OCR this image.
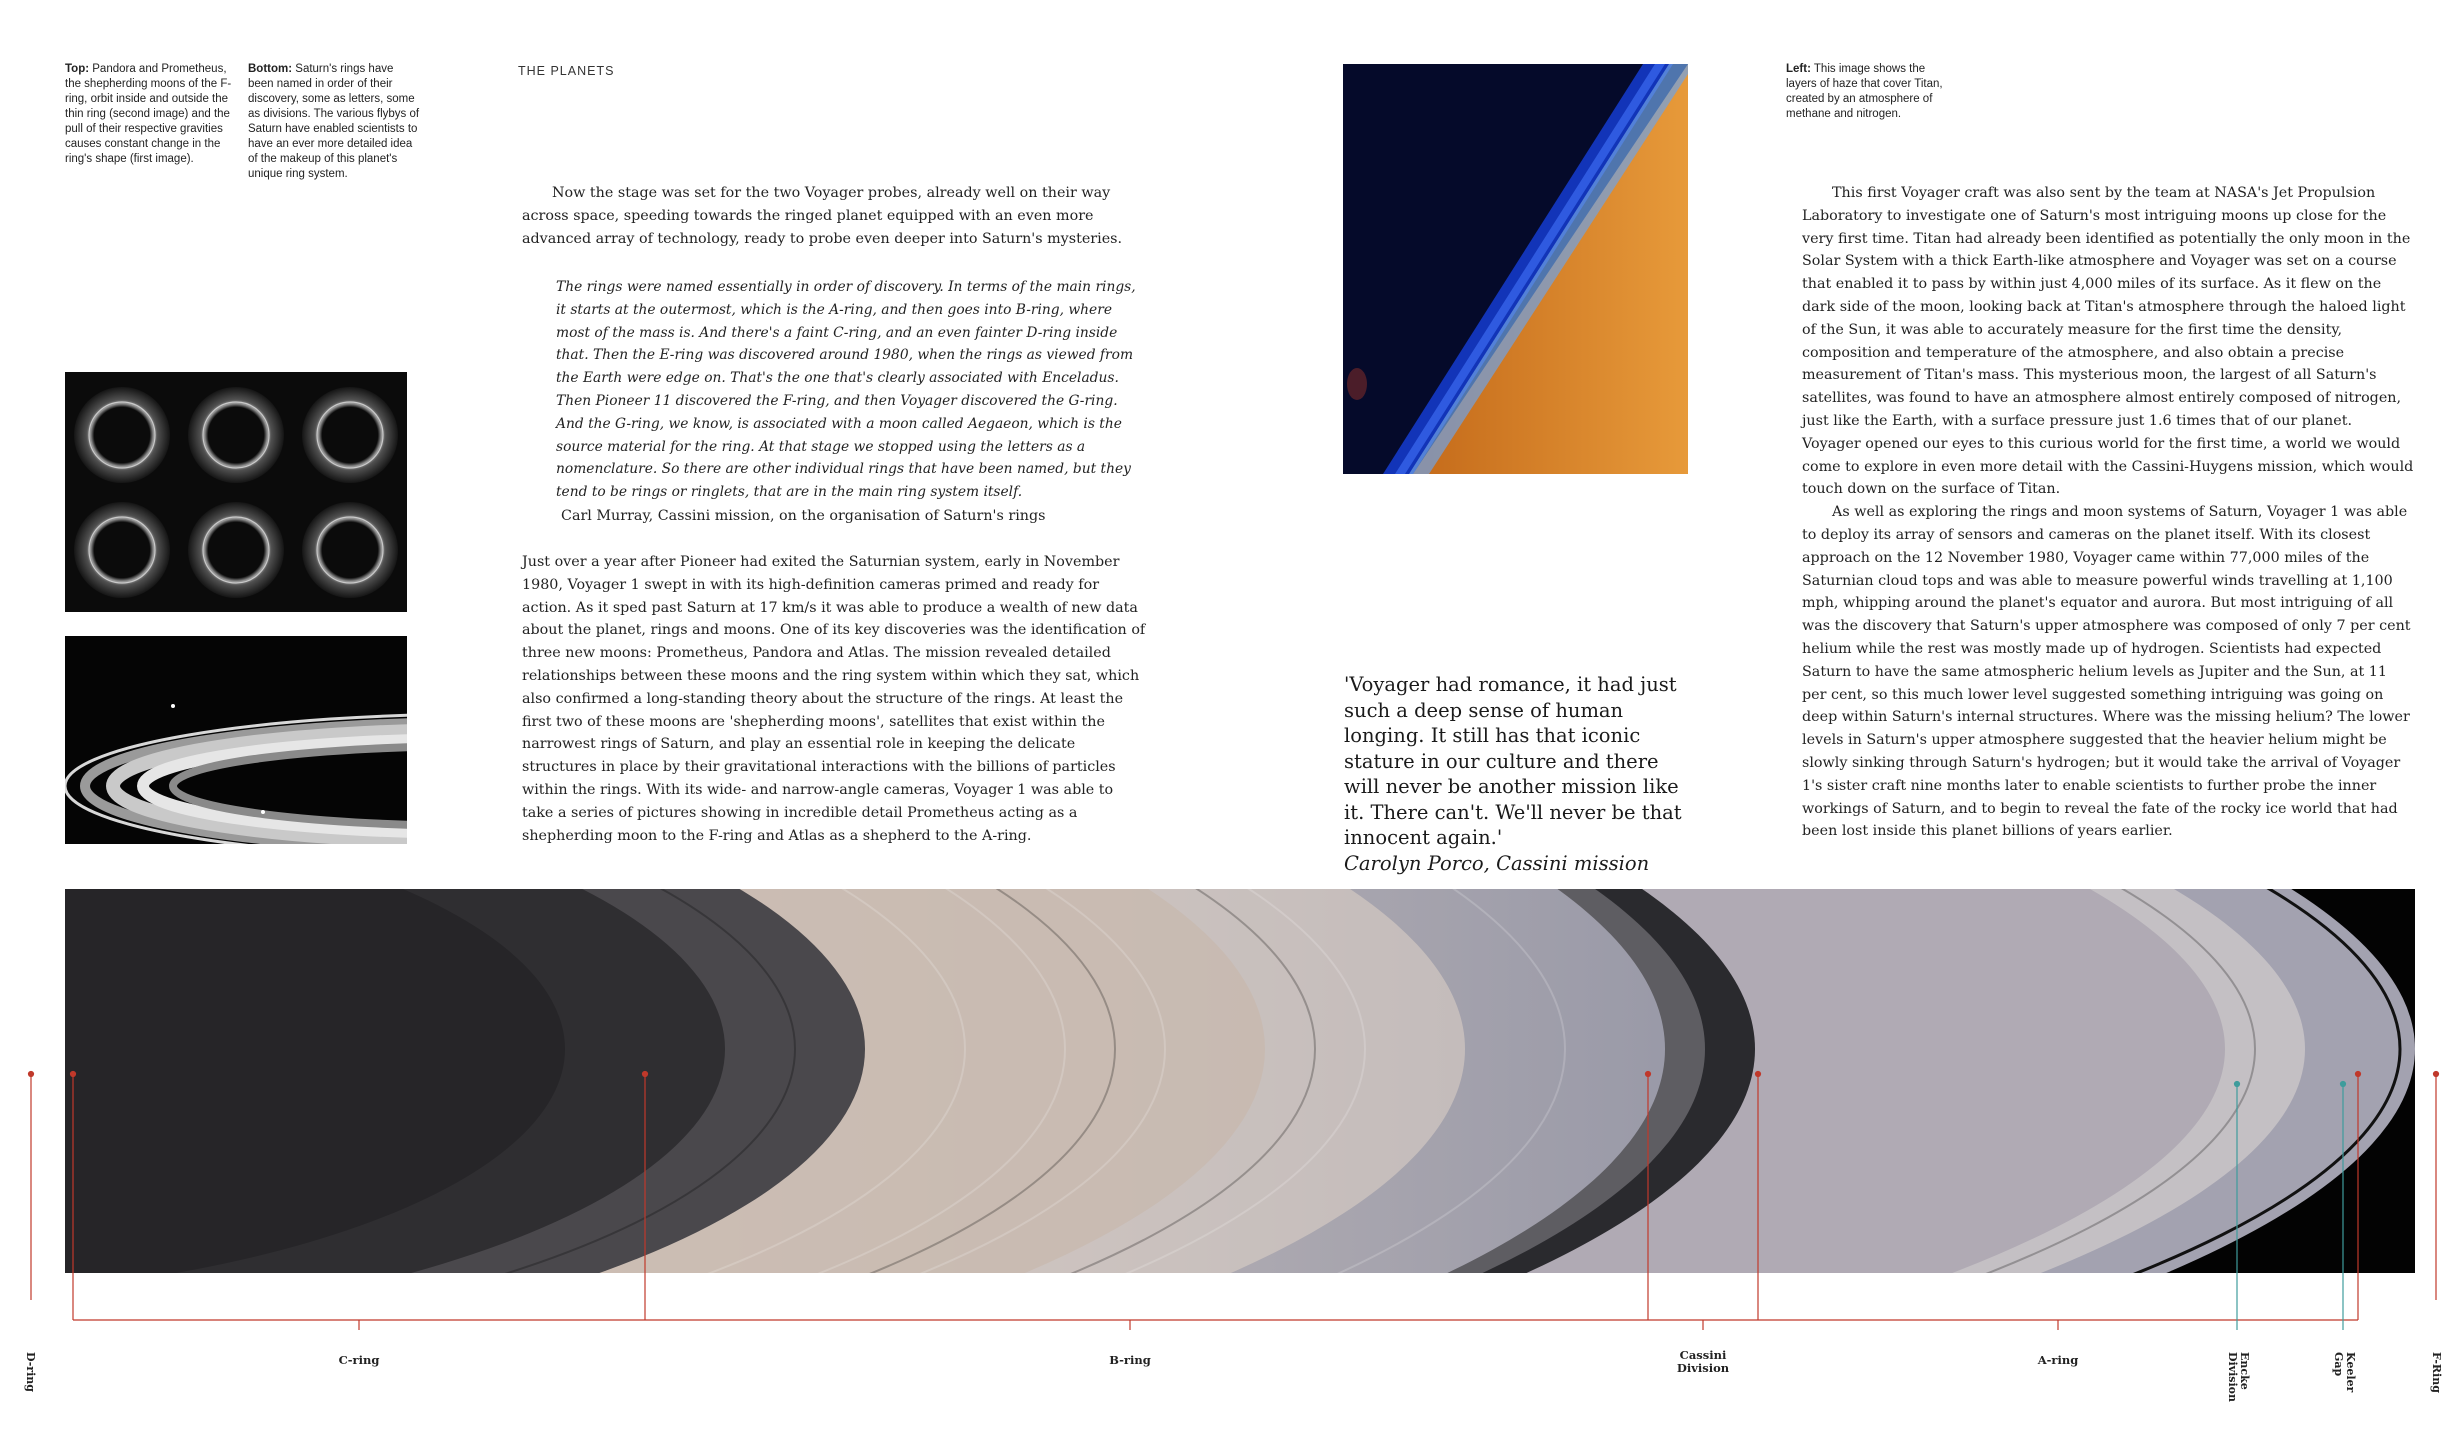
Top: Pandora and Prometheus, the shepherding moons of the F-ring, orbit inside and outside the thin ring (second image) and the pull of their respective gravities causes constant change in the ring's shape (first image).
Bottom: Saturn's rings have been named in order of their discovery, some as letters, some as divisions. The various flybys of Saturn have enabled scientists to have an ever more detailed idea of the makeup of this planet's unique ring system.
Left: This image shows the layers of haze that cover Titan, created by an atmosphere of methane and nitrogen.
THE PLANETS

Now the stage was set for the two Voyager probes, already well on their way across space, speeding towards the ringed planet equipped with an even more advanced array of technology, ready to probe even deeper into Saturn's mysteries.

The rings were named essentially in order of discovery. In terms of the main rings, it starts at the outermost, which is the A-ring, and then goes into B-ring, where most of the mass is. And there's a faint C-ring, and an even fainter D-ring inside that. Then the E-ring was discovered around 1980, when the rings as viewed from the Earth were edge on. That's the one that's clearly associated with Enceladus. Then Pioneer 11 discovered the F-ring, and then Voyager discovered the G-ring. And the G-ring, we know, is associated with a moon called Aegaeon, which is the source material for the ring. At that stage we stopped using the letters as a nomenclature. So there are other individual rings that have been named, but they tend to be rings or ringlets, that are in the main ring system itself.
Carl Murray, Cassini mission, on the organisation of Saturn's rings

Just over a year after Pioneer had exited the Saturnian system, early in November 1980, Voyager 1 swept in with its high-definition cameras primed and ready for action. As it sped past Saturn at 17 km/s it was able to produce a wealth of new data about the planet, rings and moons. One of its key discoveries was the identification of three new moons: Prometheus, Pandora and Atlas. The mission revealed detailed relationships between these moons and the ring system within which they sat, which also confirmed a long-standing theory about the structure of the rings. At least the first two of these moons are 'shepherding moons', satellites that exist within the narrowest rings of Saturn, and play an essential role in keeping the delicate structures in place by their gravitational interactions with the billions of particles within the rings. With its wide- and narrow-angle cameras, Voyager 1 was able to take a series of pictures showing in incredible detail Prometheus acting as a shepherding moon to the F-ring and Atlas as a shepherd to the A-ring.

'Voyager had romance, it had just such a deep sense of human longing. It still has that iconic stature in our culture and there will never be another mission like it. There can't. We'll never be that innocent again.'
Carolyn Porco, Cassini mission

This first Voyager craft was also sent by the team at NASA's Jet Propulsion Laboratory to investigate one of Saturn's most intriguing moons up close for the very first time. Titan had already been identified as potentially the only moon in the Solar System with a thick Earth-like atmosphere and Voyager was set on a course that enabled it to pass by within just 4,000 miles of its surface. As it flew on the dark side of the moon, looking back at Titan's atmosphere through the haloed light of the Sun, it was able to accurately measure for the first time the density, composition and temperature of the atmosphere, and also obtain a precise measurement of Titan's mass. This mysterious moon, the largest of all Saturn's satellites, was found to have an atmosphere almost entirely composed of nitrogen, just like the Earth, with a surface pressure just 1.6 times that of our planet. Voyager opened our eyes to this curious world for the first time, a world we would come to explore in even more detail with the Cassini-Huygens mission, which would touch down on the surface of Titan.

As well as exploring the rings and moon systems of Saturn, Voyager 1 was able to deploy its array of sensors and cameras on the planet itself. With its closest approach on the 12 November 1980, Voyager came within 77,000 miles of the Saturnian cloud tops and was able to measure powerful winds travelling at 1,100 mph, whipping around the planet's equator and aurora. But most intriguing of all was the discovery that Saturn's upper atmosphere was composed of only 7 per cent helium while the rest was mostly made up of hydrogen. Scientists had expected Saturn to have the same atmospheric helium levels as Jupiter and the Sun, at 11 per cent, so this much lower level suggested something intriguing was going on deep within Saturn's internal structures. Where was the missing helium? The lower levels in Saturn's upper atmosphere suggested that the heavier helium might be slowly sinking through Saturn's hydrogen; but it would take the arrival of Voyager 1's sister craft nine months later to enable scientists to further probe the inner workings of Saturn, and to begin to reveal the fate of the rocky ice world that had been lost inside this planet billions of years earlier.

D-ring	C-ring	B-ring	Cassini Division
A-ring	Encke Division	Keeler Gap	F-Ring
